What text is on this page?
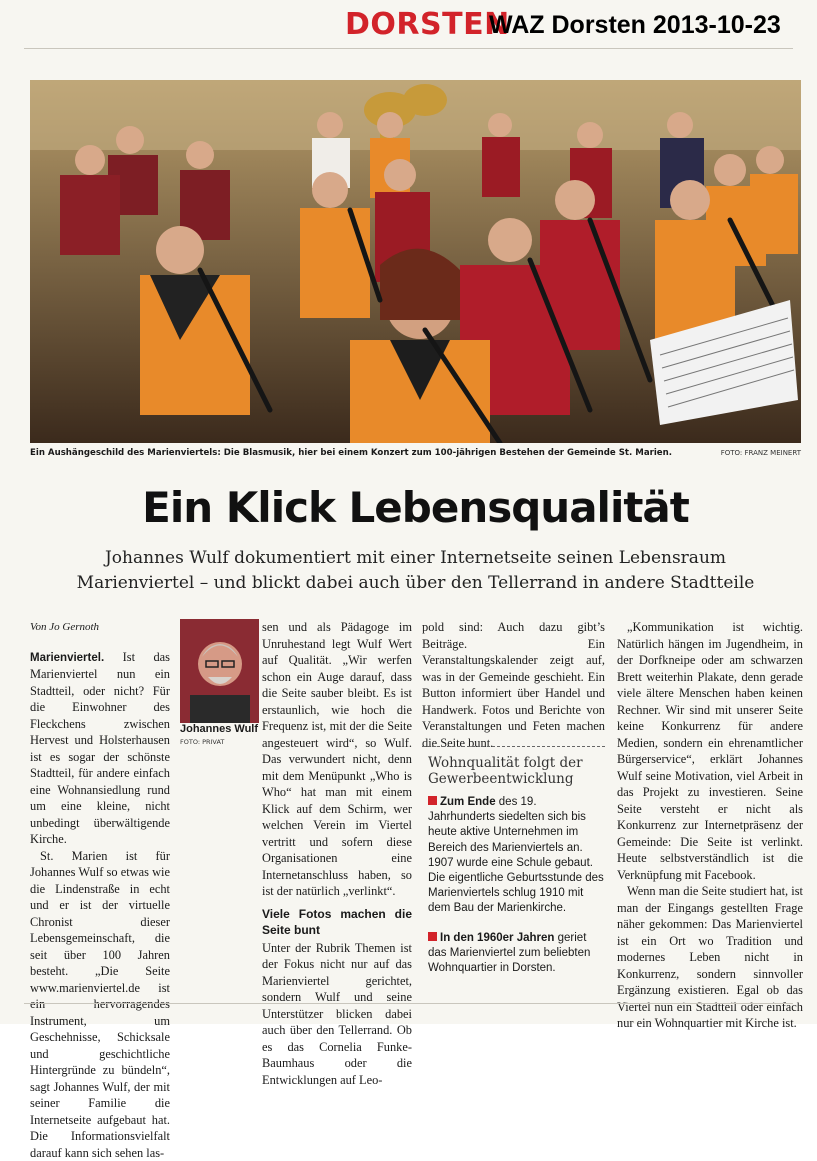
DORSTEN
WAZ Dorsten 2013-10-23
Ein Aushängeschild des Marienviertels: Die Blasmusik, hier bei einem Konzert zum 100-jährigen Bestehen der Gemeinde St. Marien.	FOTO: FRANZ MEINERT
Ein Klick Lebensqualität
Johannes Wulf dokumentiert mit einer Internetseite seinen Lebensraum
Marienviertel – und blickt dabei auch über den Tellerrand in andere Stadtteile

Von Jo Gernoth

Marienviertel. Ist das Marienviertel nun ein Stadtteil, oder nicht? Für die Einwohner des Fleckchens zwischen Hervest und Holsterhausen ist es sogar der schönste Stadtteil, für andere einfach eine Wohnansiedlung rund um eine kleine, nicht unbedingt überwältigende Kirche.

St. Marien ist für Johannes Wulf so etwas wie die Lindenstraße in echt und er ist der virtuelle Chronist dieser Lebensgemeinschaft, die seit über 100 Jahren besteht. „Die Seite www.marienviertel.de ist ein hervorragendes Instrument, um Geschehnisse, Schicksale und geschichtliche Hintergründe zu bündeln“, sagt Johannes Wulf, der mit seiner Familie die Internetseite aufgebaut hat. Die Informationsvielfalt darauf kann sich sehen las-

Johannes Wulf
FOTO: PRIVAT

sen und als Pädagoge im Unruhestand legt Wulf Wert auf Qualität. „Wir werfen schon ein Auge darauf, dass die Seite sauber bleibt. Es ist erstaunlich, wie hoch die Frequenz ist, mit der die Seite angesteuert wird“, so Wulf. Das verwundert nicht, denn mit dem Menüpunkt „Who is Who“ hat man mit einem Klick auf dem Schirm, wer welchen Verein im Viertel vertritt und sofern diese Organisationen eine Internetanschluss haben, so ist der natürlich „verlinkt“.

Viele Fotos machen die Seite bunt

Unter der Rubrik Themen ist der Fokus nicht nur auf das Marienviertel gerichtet, sondern Wulf und seine Unterstützer blicken dabei auch über den Tellerrand. Ob es das Cornelia Funke-Baumhaus oder die Entwicklungen auf Leo-

pold sind: Auch dazu gibt’s Beiträge. Ein Veranstaltungskalender zeigt auf, was in der Gemeinde geschieht. Ein Button informiert über Handel und Handwerk. Fotos und Berichte von Veranstaltungen und Feten machen die Seite bunt.

Wohnqualität folgt der Gewerbeentwicklung

Zum Ende des 19. Jahrhunderts siedelten sich bis heute aktive Unternehmen im Bereich des Marienviertels an. 1907 wurde eine Schule gebaut. Die eigentliche Geburtsstunde des Marienviertels schlug 1910 mit dem Bau der Marienkirche.

In den 1960er Jahren geriet das Marienviertel zum beliebten Wohnquartier in Dorsten.

„Kommunikation ist wichtig. Natürlich hängen im Jugendheim, in der Dorfkneipe oder am schwarzen Brett weiterhin Plakate, denn gerade viele ältere Menschen haben keinen Rechner. Wir sind mit unserer Seite keine Konkurrenz für andere Medien, sondern ein ehrenamtlicher Bürgerservice“, erklärt Johannes Wulf seine Motivation, viel Arbeit in das Projekt zu investieren. Seine Seite versteht er nicht als Konkurrenz zur Internetpräsenz der Gemeinde: Die Seite ist verlinkt. Heute selbstverständlich ist die Verknüpfung mit Facebook.

Wenn man die Seite studiert hat, ist man der Eingangs gestellten Frage näher gekommen: Das Marienviertel ist ein Ort wo Tradition und modernes Leben nicht in Konkurrenz, sondern sinnvoller Ergänzung existieren. Egal ob das Viertel nun ein Stadtteil oder einfach nur ein Wohnquartier mit Kirche ist.
